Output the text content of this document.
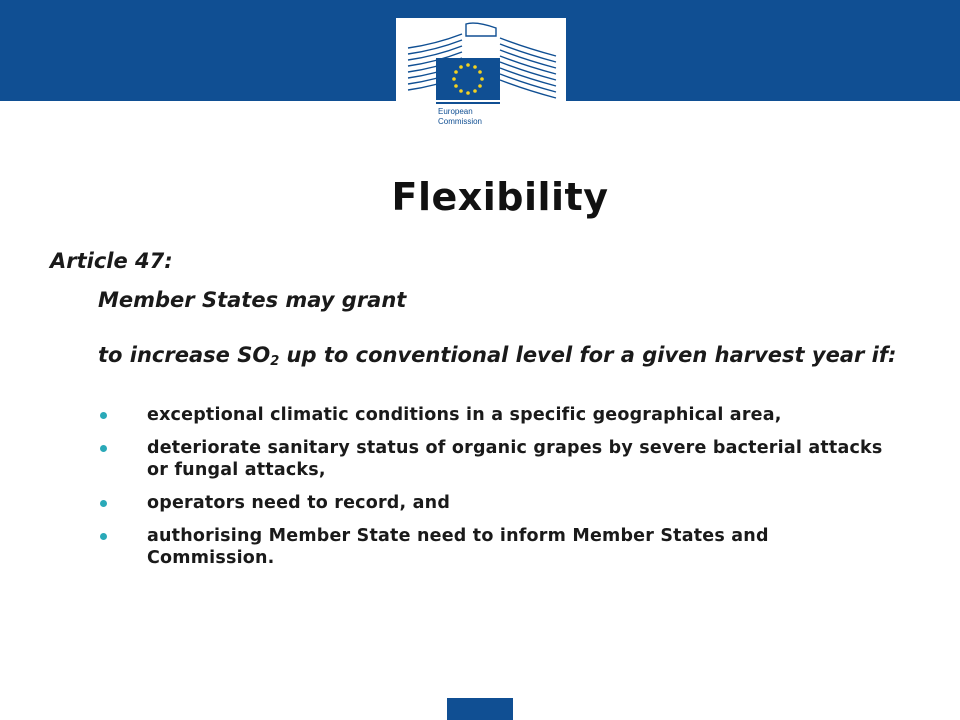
European
Commission
Flexibility
Article 47:
Member States may grant
to increase $SO_2$ up to conventional level for a given harvest year if:
exceptional climatic conditions in a specific geographical area,
deteriorate sanitary status of organic grapes by severe bacterial attacks or fungal attacks,
operators need to record, and
authorising Member State need to inform Member States and Commission.
